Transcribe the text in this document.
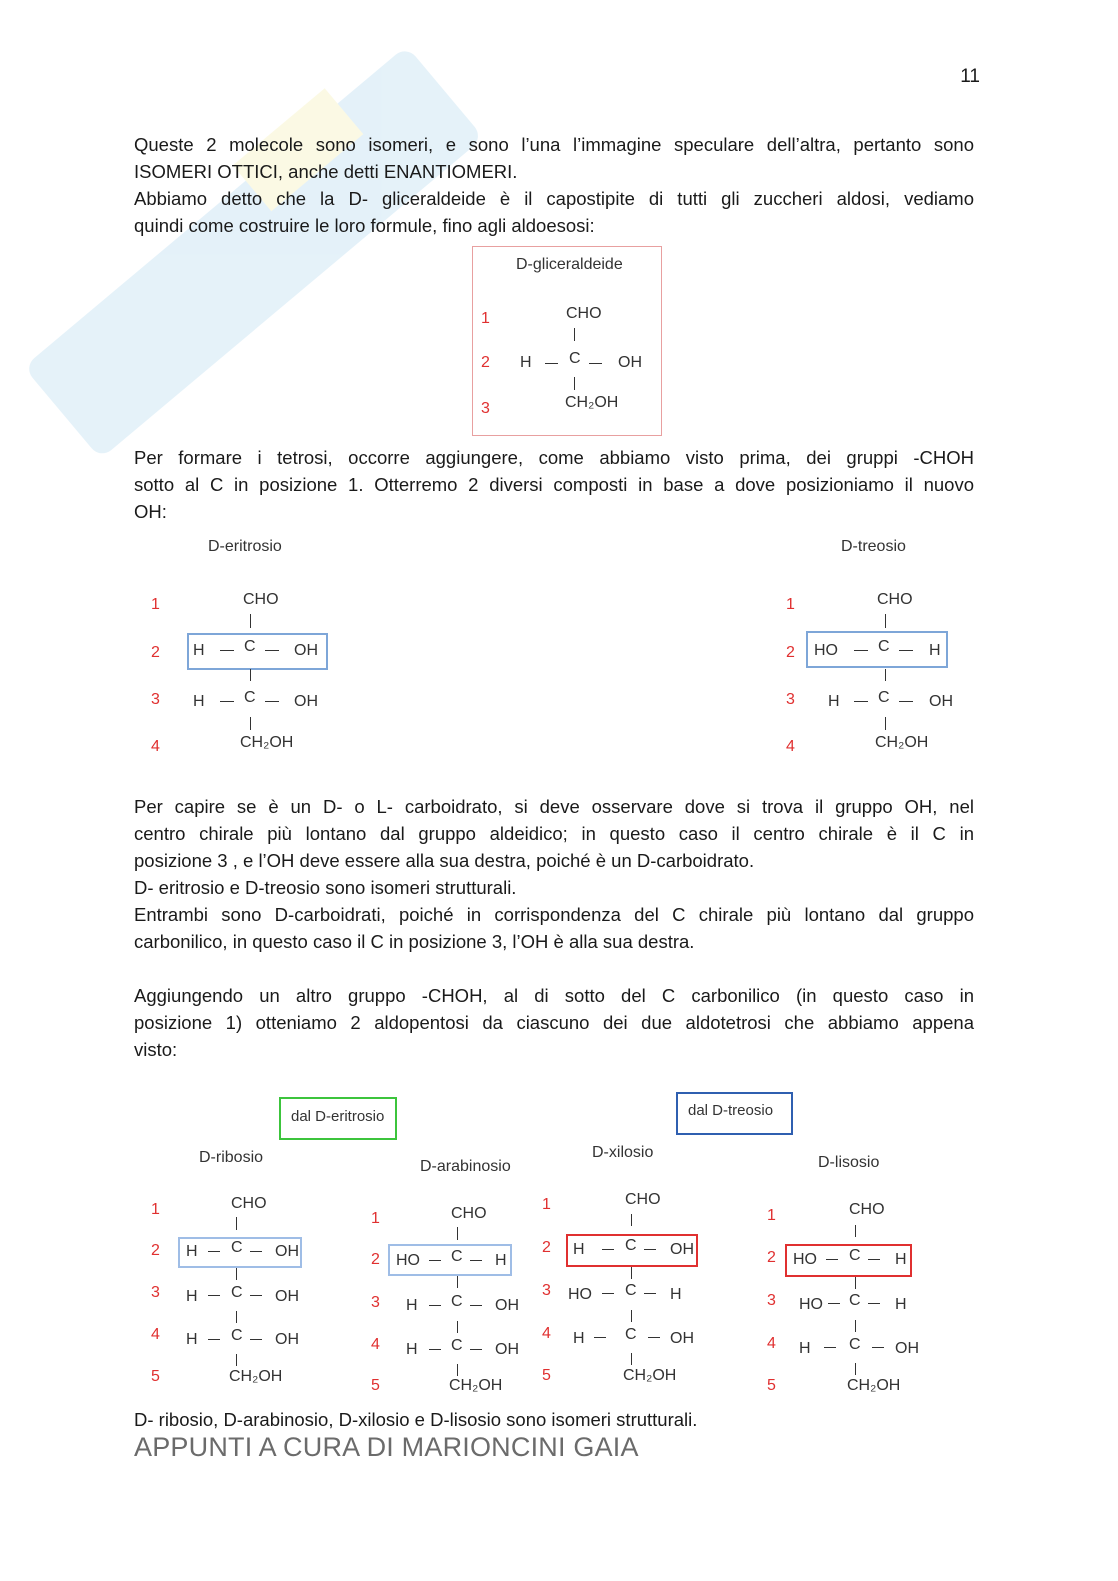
11
Queste 2 molecole sono isomeri, e sono l’una l’immagine speculare dell’altra, pertanto sono
ISOMERI OTTICI, anche detti ENANTIOMERI.
Abbiamo detto che la D- gliceraldeide è il capostipite di tutti gli zuccheri aldosi, vediamo
quindi come costruire le loro formule, fino agli aldoesosi:
D-gliceraldeide
1
2
3
CHO
H C OH
CH₂OH
Per formare i tetrosi, occorre aggiungere, come abbiamo visto prima, dei gruppi -CHOH
sotto al C in posizione 1. Otterremo 2 diversi composti in base a dove posizioniamo il nuovo
OH:
D-eritrosio
1
2
3
4
CHO
H C OH
H C OH
CH₂OH
D-treosio
1
2
3
4
CHO
HO	C H
H C OH
CH₂OH
Per capire se è un D- o L- carboidrato, si deve osservare dove si trova il gruppo OH, nel
centro chirale più lontano dal gruppo aldeidico; in questo caso il centro chirale è il C in
posizione 3 , e l’OH deve essere alla sua destra, poiché è un D-carboidrato.
D- eritrosio e D-treosio sono isomeri strutturali.
Entrambi sono D-carboidrati, poiché in corrispondenza del C chirale più lontano dal gruppo
carbonilico, in questo caso il C in posizione 3, l’OH è alla sua destra.
Aggiungendo un altro gruppo -CHOH, al di sotto del C carbonilico (in questo caso in
posizione 1) otteniamo 2 aldopentosi da ciascuno dei due aldotetrosi che abbiamo appena
visto:
dal D-eritrosio	dal D-treosio
D-ribosio
1
2
3
4
5
CHO
H C OH
H C OH
H C OH
CH₂OH
D-arabinosio
1
2
3
4
5
CHO
HO C H
H C OH
H C OH
CH₂OH
D-xilosio
1
2
3
4
5
CHO
H	C OH
HO C H
H	C OH
CH₂OH
D-lisosio
1
2
3
4
5
CHO
HO C H
HO C H
H C OH
CH₂OH
D- ribosio, D-arabinosio, D-xilosio e D-lisosio sono isomeri strutturali.
APPUNTI A CURA DI MARIONCINI GAIA
